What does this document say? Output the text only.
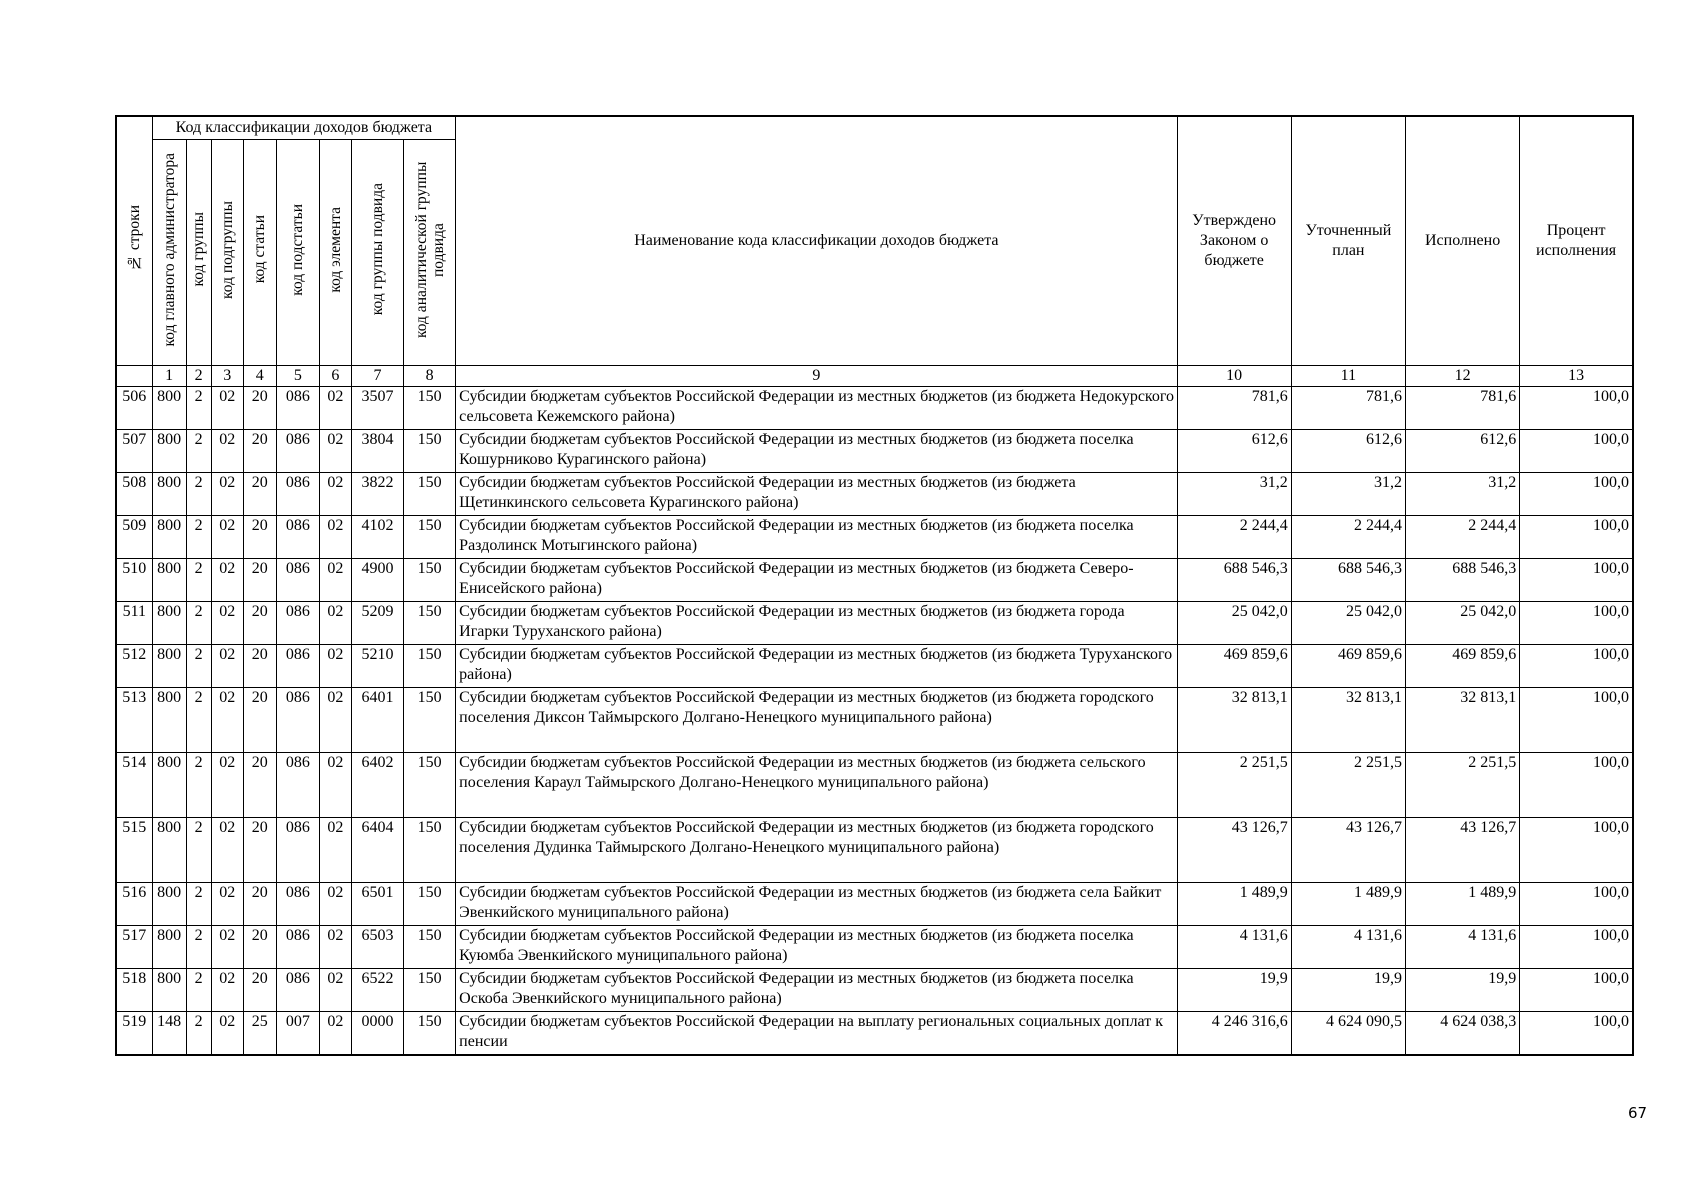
№ строки	Код классификации доходов бюджета								Наименование кода классификации доходов бюджета	Утверждено Законом о бюджете	Уточненный план	Исполнено	Процент исполнения
	код главного администратора	код группы	код подгруппы	код статьи	код подстатьи	код элемента	код группы подвида	код аналитической группы подвида					
	1	2	3	4	5	6	7	8	9	10	11	12	13
506	800	2	02	20	086	02	3507	150	Субсидии бюджетам субъектов Российской Федерации из местных бюджетов (из бюджета Недокурского сельсовета Кежемского района)	781,6	781,6	781,6	100,0
507	800	2	02	20	086	02	3804	150	Субсидии бюджетам субъектов Российской Федерации из местных бюджетов (из бюджета поселка Кошурниково Курагинского района)	612,6	612,6	612,6	100,0
508	800	2	02	20	086	02	3822	150	Субсидии бюджетам субъектов Российской Федерации из местных бюджетов (из бюджета Щетинкинского сельсовета Курагинского района)	31,2	31,2	31,2	100,0
509	800	2	02	20	086	02	4102	150	Субсидии бюджетам субъектов Российской Федерации из местных бюджетов (из бюджета поселка Раздолинск Мотыгинского района)	2 244,4	2 244,4	2 244,4	100,0
510	800	2	02	20	086	02	4900	150	Субсидии бюджетам субъектов Российской Федерации из местных бюджетов (из бюджета Северо-Енисейского района)	688 546,3	688 546,3	688 546,3	100,0
511	800	2	02	20	086	02	5209	150	Субсидии бюджетам субъектов Российской Федерации из местных бюджетов (из бюджета города Игарки Туруханского района)	25 042,0	25 042,0	25 042,0	100,0
512	800	2	02	20	086	02	5210	150	Субсидии бюджетам субъектов Российской Федерации из местных бюджетов (из бюджета Туруханского района)	469 859,6	469 859,6	469 859,6	100,0
513	800	2	02	20	086	02	6401	150	Субсидии бюджетам субъектов Российской Федерации из местных бюджетов (из бюджета городского поселения Диксон Таймырского Долгано-Ненецкого муниципального района)	32 813,1	32 813,1	32 813,1	100,0
514	800	2	02	20	086	02	6402	150	Субсидии бюджетам субъектов Российской Федерации из местных бюджетов (из бюджета сельского поселения Караул Таймырского Долгано-Ненецкого муниципального района)	2 251,5	2 251,5	2 251,5	100,0
515	800	2	02	20	086	02	6404	150	Субсидии бюджетам субъектов Российской Федерации из местных бюджетов (из бюджета городского поселения Дудинка Таймырского Долгано-Ненецкого муниципального района)	43 126,7	43 126,7	43 126,7	100,0
516	800	2	02	20	086	02	6501	150	Субсидии бюджетам субъектов Российской Федерации из местных бюджетов (из бюджета села Байкит Эвенкийского муниципального района)	1 489,9	1 489,9	1 489,9	100,0
517	800	2	02	20	086	02	6503	150	Субсидии бюджетам субъектов Российской Федерации из местных бюджетов (из бюджета поселка Куюмба Эвенкийского муниципального района)	4 131,6	4 131,6	4 131,6	100,0
518	800	2	02	20	086	02	6522	150	Субсидии бюджетам субъектов Российской Федерации из местных бюджетов (из бюджета поселка Оскоба Эвенкийского муниципального района)	19,9	19,9	19,9	100,0
519	148	2	02	25	007	02	0000	150	Субсидии бюджетам субъектов Российской Федерации на выплату региональных социальных доплат к пенсии	4 246 316,6	4 624 090,5	4 624 038,3	100,0
67
